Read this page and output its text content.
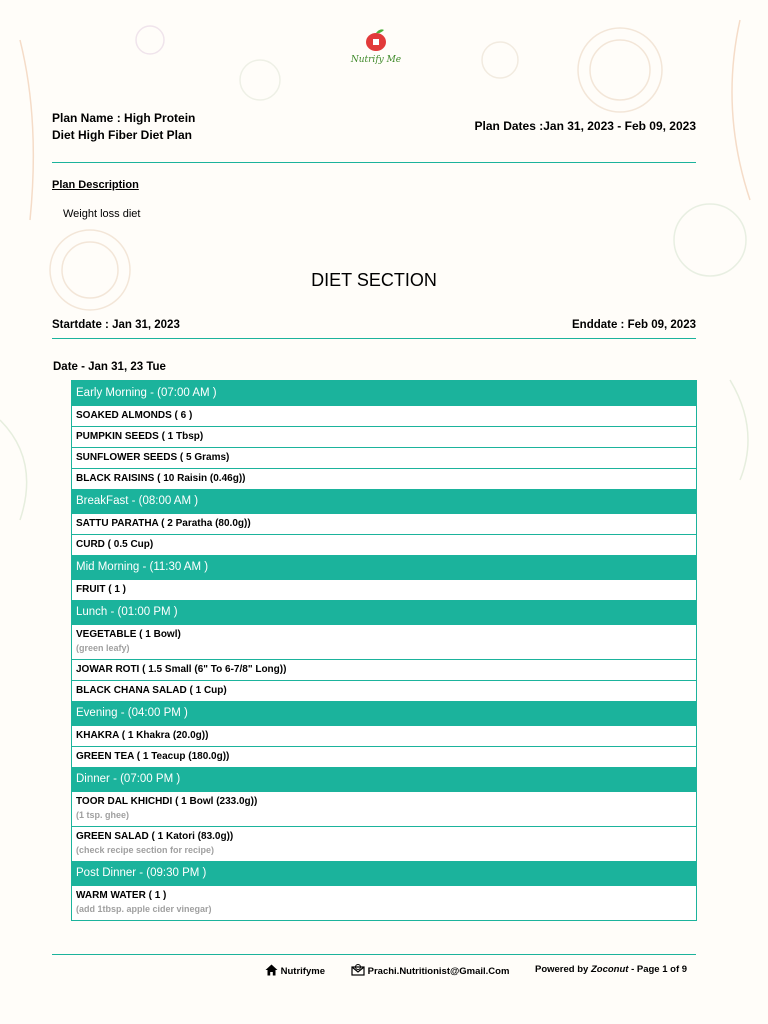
Nutrify Me
Plan Name : High Protein
Diet High Fiber Diet Plan
Plan Dates :Jan 31, 2023 - Feb 09, 2023
Plan Description
Weight loss diet
DIET SECTION
Startdate : Jan 31, 2023	Enddate : Feb 09, 2023
Date - Jan 31, 23 Tue
Early Morning - (07:00 AM )
SOAKED ALMONDS ( 6 )
PUMPKIN SEEDS ( 1 Tbsp)
SUNFLOWER SEEDS ( 5 Grams)
BLACK RAISINS ( 10 Raisin (0.46g))
BreakFast - (08:00 AM )
SATTU PARATHA ( 2 Paratha (80.0g))
CURD ( 0.5 Cup)
Mid Morning - (11:30 AM )
FRUIT ( 1 )
Lunch - (01:00 PM )
VEGETABLE ( 1 Bowl)
(green leafy)
JOWAR ROTI ( 1.5 Small (6" To 6-7/8" Long))
BLACK CHANA SALAD ( 1 Cup)
Evening - (04:00 PM )
KHAKRA ( 1 Khakra (20.0g))
GREEN TEA ( 1 Teacup (180.0g))
Dinner - (07:00 PM )
TOOR DAL KHICHDI ( 1 Bowl (233.0g))
(1 tsp. ghee)
GREEN SALAD ( 1 Katori (83.0g))
(check recipe section for recipe)
Post Dinner - (09:30 PM )
WARM WATER ( 1 )
(add 1tbsp. apple cider vinegar)
Nutrifyme	Prachi.Nutritionist@Gmail.Com	Powered by Zoconut - Page 1 of 9
